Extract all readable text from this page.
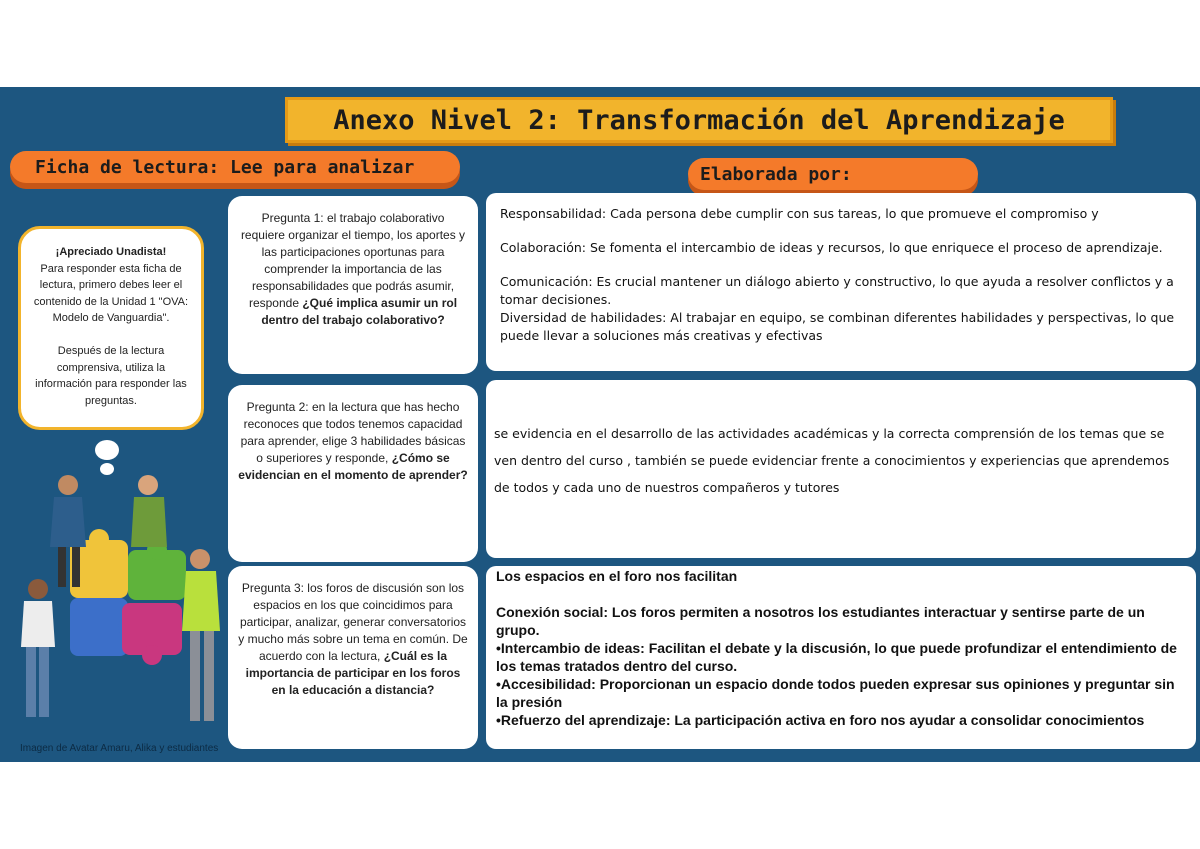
Anexo Nivel 2: Transformación del Aprendizaje
Ficha de lectura: Lee para analizar	Elaborada por:
¡Apreciado Unadista!
Para responder esta ficha de lectura, primero debes leer el contenido de la Unidad 1 "OVA: Modelo de Vanguardia".

Después de la lectura comprensiva, utiliza la información para responder las preguntas.
Pregunta 1: el trabajo colaborativo requiere organizar el tiempo, los aportes y las participaciones oportunas para comprender la importancia de las responsabilidades que podrás asumir, responde ¿Qué implica asumir un rol dentro del trabajo colaborativo?
Pregunta 2: en la lectura que has hecho reconoces que todos tenemos capacidad para aprender, elige 3 habilidades básicas o superiores y responde, ¿Cómo se evidencian en el momento de aprender?
Pregunta 3: los foros de discusión son los espacios en los que coincidimos para participar, analizar, generar conversatorios y mucho más sobre un tema en común. De acuerdo con la lectura, ¿Cuál es la importancia de participar en los foros en la educación a distancia?

Responsabilidad: Cada persona debe cumplir con sus tareas, lo que promueve el compromiso y

Colaboración: Se fomenta el intercambio de ideas y recursos, lo que enriquece el proceso de aprendizaje.

Comunicación: Es crucial mantener un diálogo abierto y constructivo, lo que ayuda a resolver conflictos y a tomar decisiones.

Diversidad de habilidades: Al trabajar en equipo, se combinan diferentes habilidades y perspectivas, lo que puede llevar a soluciones más creativas y efectivas

se evidencia en el desarrollo de las actividades académicas y la correcta comprensión de los temas que se ven dentro del curso , también se puede evidenciar frente a conocimientos y experiencias que aprendemos de todos y cada uno de nuestros compañeros y tutores

Los espacios en el foro nos facilitan

Conexión social: Los foros permiten a nosotros los estudiantes interactuar y sentirse parte de un grupo.

•Intercambio de ideas: Facilitan el debate y la discusión, lo que puede profundizar el entendimiento de los temas tratados dentro del curso.

•Accesibilidad: Proporcionan un espacio donde todos pueden expresar sus opiniones y preguntar sin la presión

•Refuerzo del aprendizaje: La participación activa en foro nos ayudar a consolidar conocimientos

Imagen de Avatar Amaru, Alika y estudiantes
